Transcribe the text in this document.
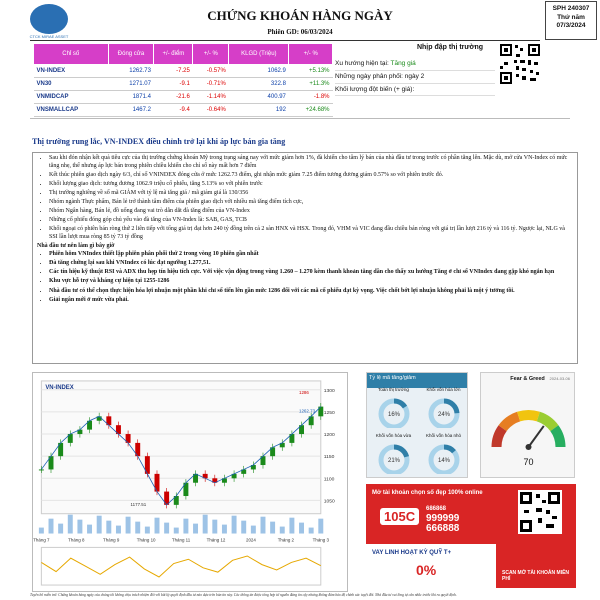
CTCK MIRAE ASSET
CHỨNG KHOÁN HÀNG NGÀY
Phiên GD: 06/03/2024
SPH 240307
Thứ năm
07/3/2024
Chỉ số	Đóng cửa	+/- điểm	+/- %	KLGD (Triệu)	+/- %
VN-INDEX	1262.73	-7.25	-0.57%	1062.9	+5.13%
VN30	1271.07	-9.1	-0.71%	322.8	+11.3%
VNMIDCAP	1871.4	-21.6	-1.14%	400.97	-1.8%
VNSMALLCAP	1467.2	-9.4	-0.64%	192	+24.68%
Nhịp đập thị trường
Xu hướng hiện tại: Tăng giá
Những ngày phân phối: ngày 2
Khối lượng đột biến (+ giá):
Thị trường rung lắc, VN-INDEX điều chỉnh trở lại khi áp lực bán gia tăng
• Sau khi đón nhận kết quả tiêu cực của thị trường chứng khoán Mỹ trong trạng sáng nay với mức giảm hơn 1%, đà khiến cho tâm lý bán của nhà đầu tư trong trước có phần tăng lên. Mặc dù, mở cửa VN-Index có mức tăng nhẹ, thế nhưng áp lực bán trong phiên chiều khiến cho chỉ số này mất hơn 7 điểm
• Kết thúc phiên giao dịch ngày 6/3, chỉ số VNINDEX đóng cửa ở mức 1262.73 điểm, ghi nhận mức giảm 7.25 điểm tương đương giảm 0.57% so với phiên trước đó.
• Khối lượng giao dịch: tương đương 1062.9 triệu cổ phiếu, tăng 5.13% so với phiên trước
• Thị trường nghiêng về số mã GIẢM với tỷ lệ mã tăng giá / mã giảm giá là 130/356
• Nhóm ngành Thực phẩm, Bán lẻ trở thành tâm điểm của phiên giao dịch với nhiều mã tăng điểm tích cực,
• Nhóm Ngân hàng, Bán lẻ, đồ uống đang vai trò dẫn dắt đà tăng điểm của VN-Index
• Những cổ phiếu đóng góp chủ yếu vào đà tăng của VN-Index là: SAB, GAS, TCB
• Khối ngoại có phiên bán ròng thứ 2 liên tiếp với tổng giá trị đạt hơn 240 tỷ đồng trên cả 2 sàn HNX và HSX. Trong đó, VHM và VIC đang đầu chiều bán ròng với giá trị lần lượt 216 tỷ và 116 tỷ. Ngược lại, NLG và SSI lần lượt mua ròng 85 tỷ 73 tỷ đồng
Nhà đầu tư nên làm gì bây giờ
• Phiên hôm VNIndex thiết lập phiên phân phối thứ 2 trong vòng 10 phiên gần nhất
• Đà tăng chứng lại sau khi VNIndex có lúc đạt ngưỡng 1.277,51.
• Các tín hiệu kỹ thuật RSI và ADX thu hẹp tín hiệu tích cực. Với việc vận động trong vùng 1.260 – 1.270 kèm thanh khoản tăng dần cho thấy xu hướng Tăng ở chỉ số VNIndex đang gặp khó ngắn hạn
• Khu vực hỗ trợ và kháng cự hiện tại 1255-1286
• Nhà đầu tư có thể chọn thực hiện hóa lợi nhuận một phần khi chỉ số tiến lên gần mức 1286 đối với các mã cổ phiếu đạt kỳ vọng. Việc chốt bớt lợi nhuận không phải là một ý tưởng tồi.
• Giải ngân mới ở mức vừa phải.
1050
1100
1150
1200
1250
1300
Tháng 7	Tháng 8	Tháng 9	Tháng 10	Tháng 11	Tháng 12	2024	Tháng 2	Tháng 3
VN-INDEX
1286
1262.73
1177.51
Tỷ lệ mã tăng/giảm
Toàn thị trường
16%
Khối vốn hóa lớn
24%
Khối vốn hóa vừa
21%
Khối vốn hóa nhỏ
14%
Fear & Greed	2024-03-06
70
Mở tài khoản chọn số đẹp 100% online
105C	686868
999999
666888
VAY LINH HOẠT KỲ QUỸ T+
0%	SCAN MỞ TÀI KHOẢN MIỄN PHÍ
Tuyên bố miễn trừ: Chứng khoán hàng ngày của chúng tôi không chịu trách nhiệm đối với bất kỳ quyết định đầu tư nào dựa trên bản tin này. Các thông tin được tổng hợp từ nguồn đáng tin cậy nhưng không đảm bảo độ chính xác tuyệt đối. Nhà đầu tư vui lòng tự cân nhắc trước khi ra quyết định.
